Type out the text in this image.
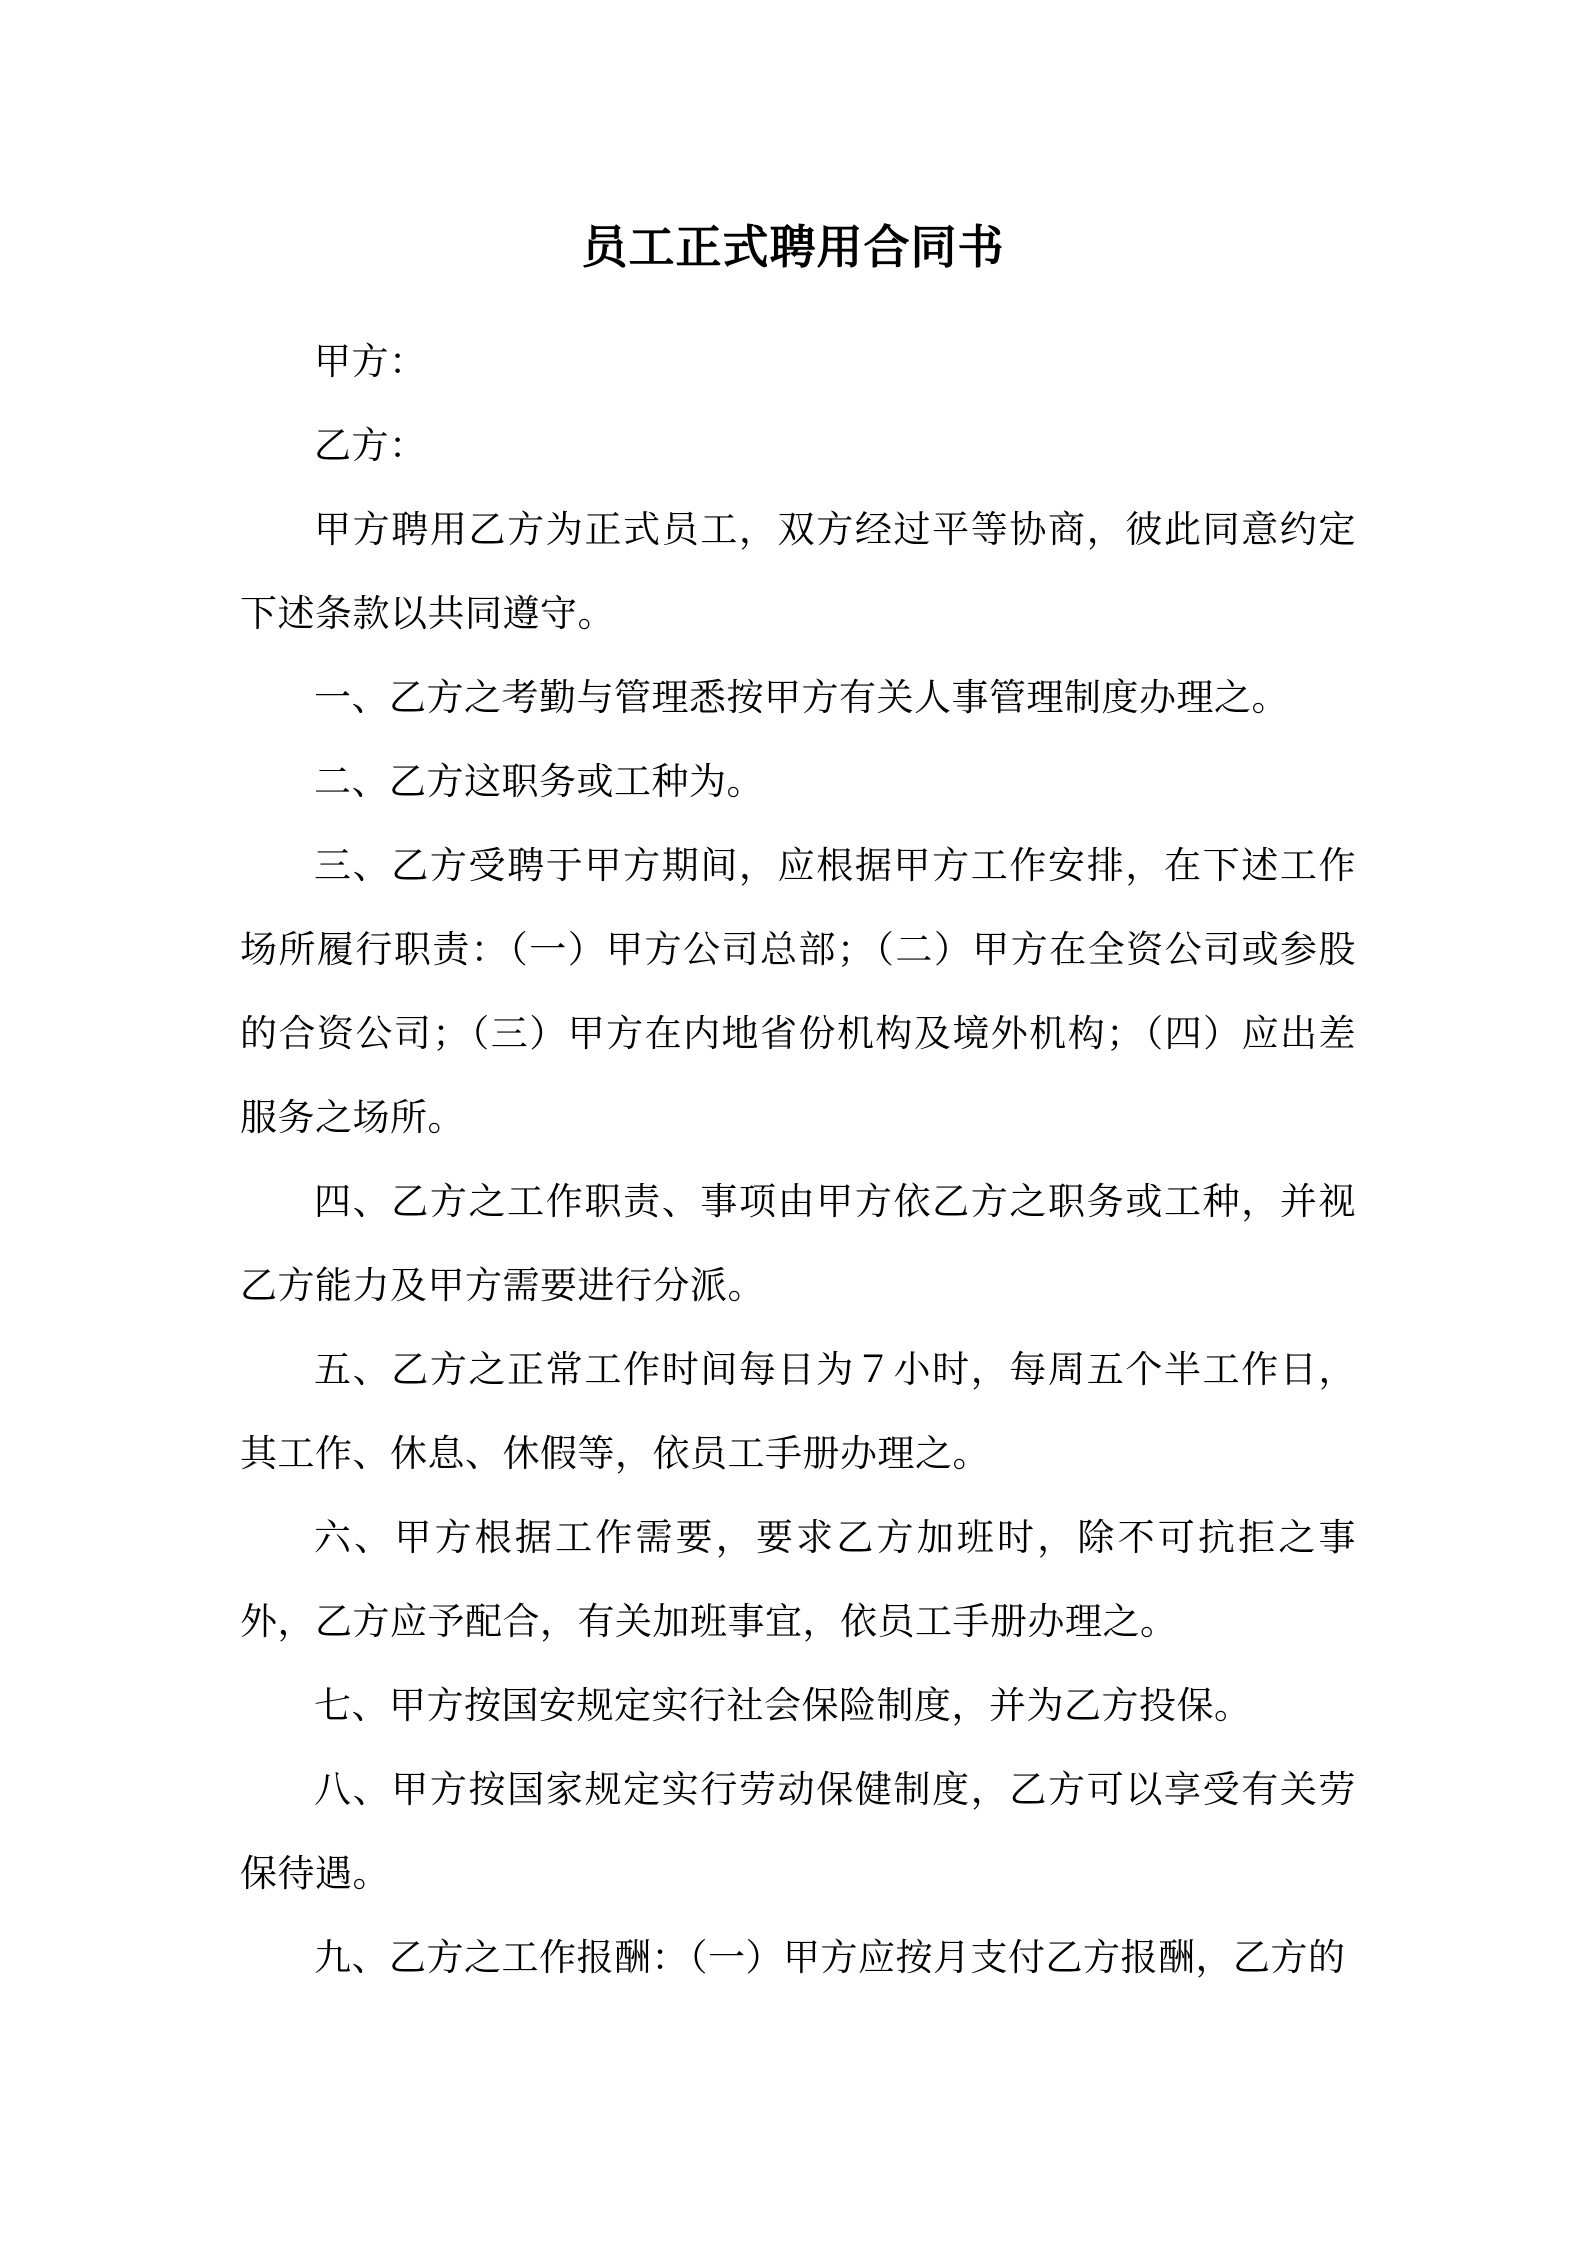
员工正式聘用合同书

甲方：

乙方：

甲方聘用乙方为正式员工，双方经过平等协商，彼此同意约定下述条款以共同遵守。

一、乙方之考勤与管理悉按甲方有关人事管理制度办理之。

二、乙方这职务或工种为。

三、乙方受聘于甲方期间，应根据甲方工作安排，在下述工作场所履行职责：（一）甲方公司总部；（二）甲方在全资公司或参股的合资公司；（三）甲方在内地省份机构及境外机构；（四）应出差服务之场所。

四、乙方之工作职责、事项由甲方依乙方之职务或工种，并视乙方能力及甲方需要进行分派。

五、乙方之正常工作时间每日为７小时，每周五个半工作日，其工作、休息、休假等，依员工手册办理之。

六、甲方根据工作需要，要求乙方加班时，除不可抗拒之事外，乙方应予配合，有关加班事宜，依员工手册办理之。

七、甲方按国安规定实行社会保险制度，并为乙方投保。

八、甲方按国家规定实行劳动保健制度，乙方可以享受有关劳保待遇。

九、乙方之工作报酬：（一）甲方应按月支付乙方报酬，乙方的
